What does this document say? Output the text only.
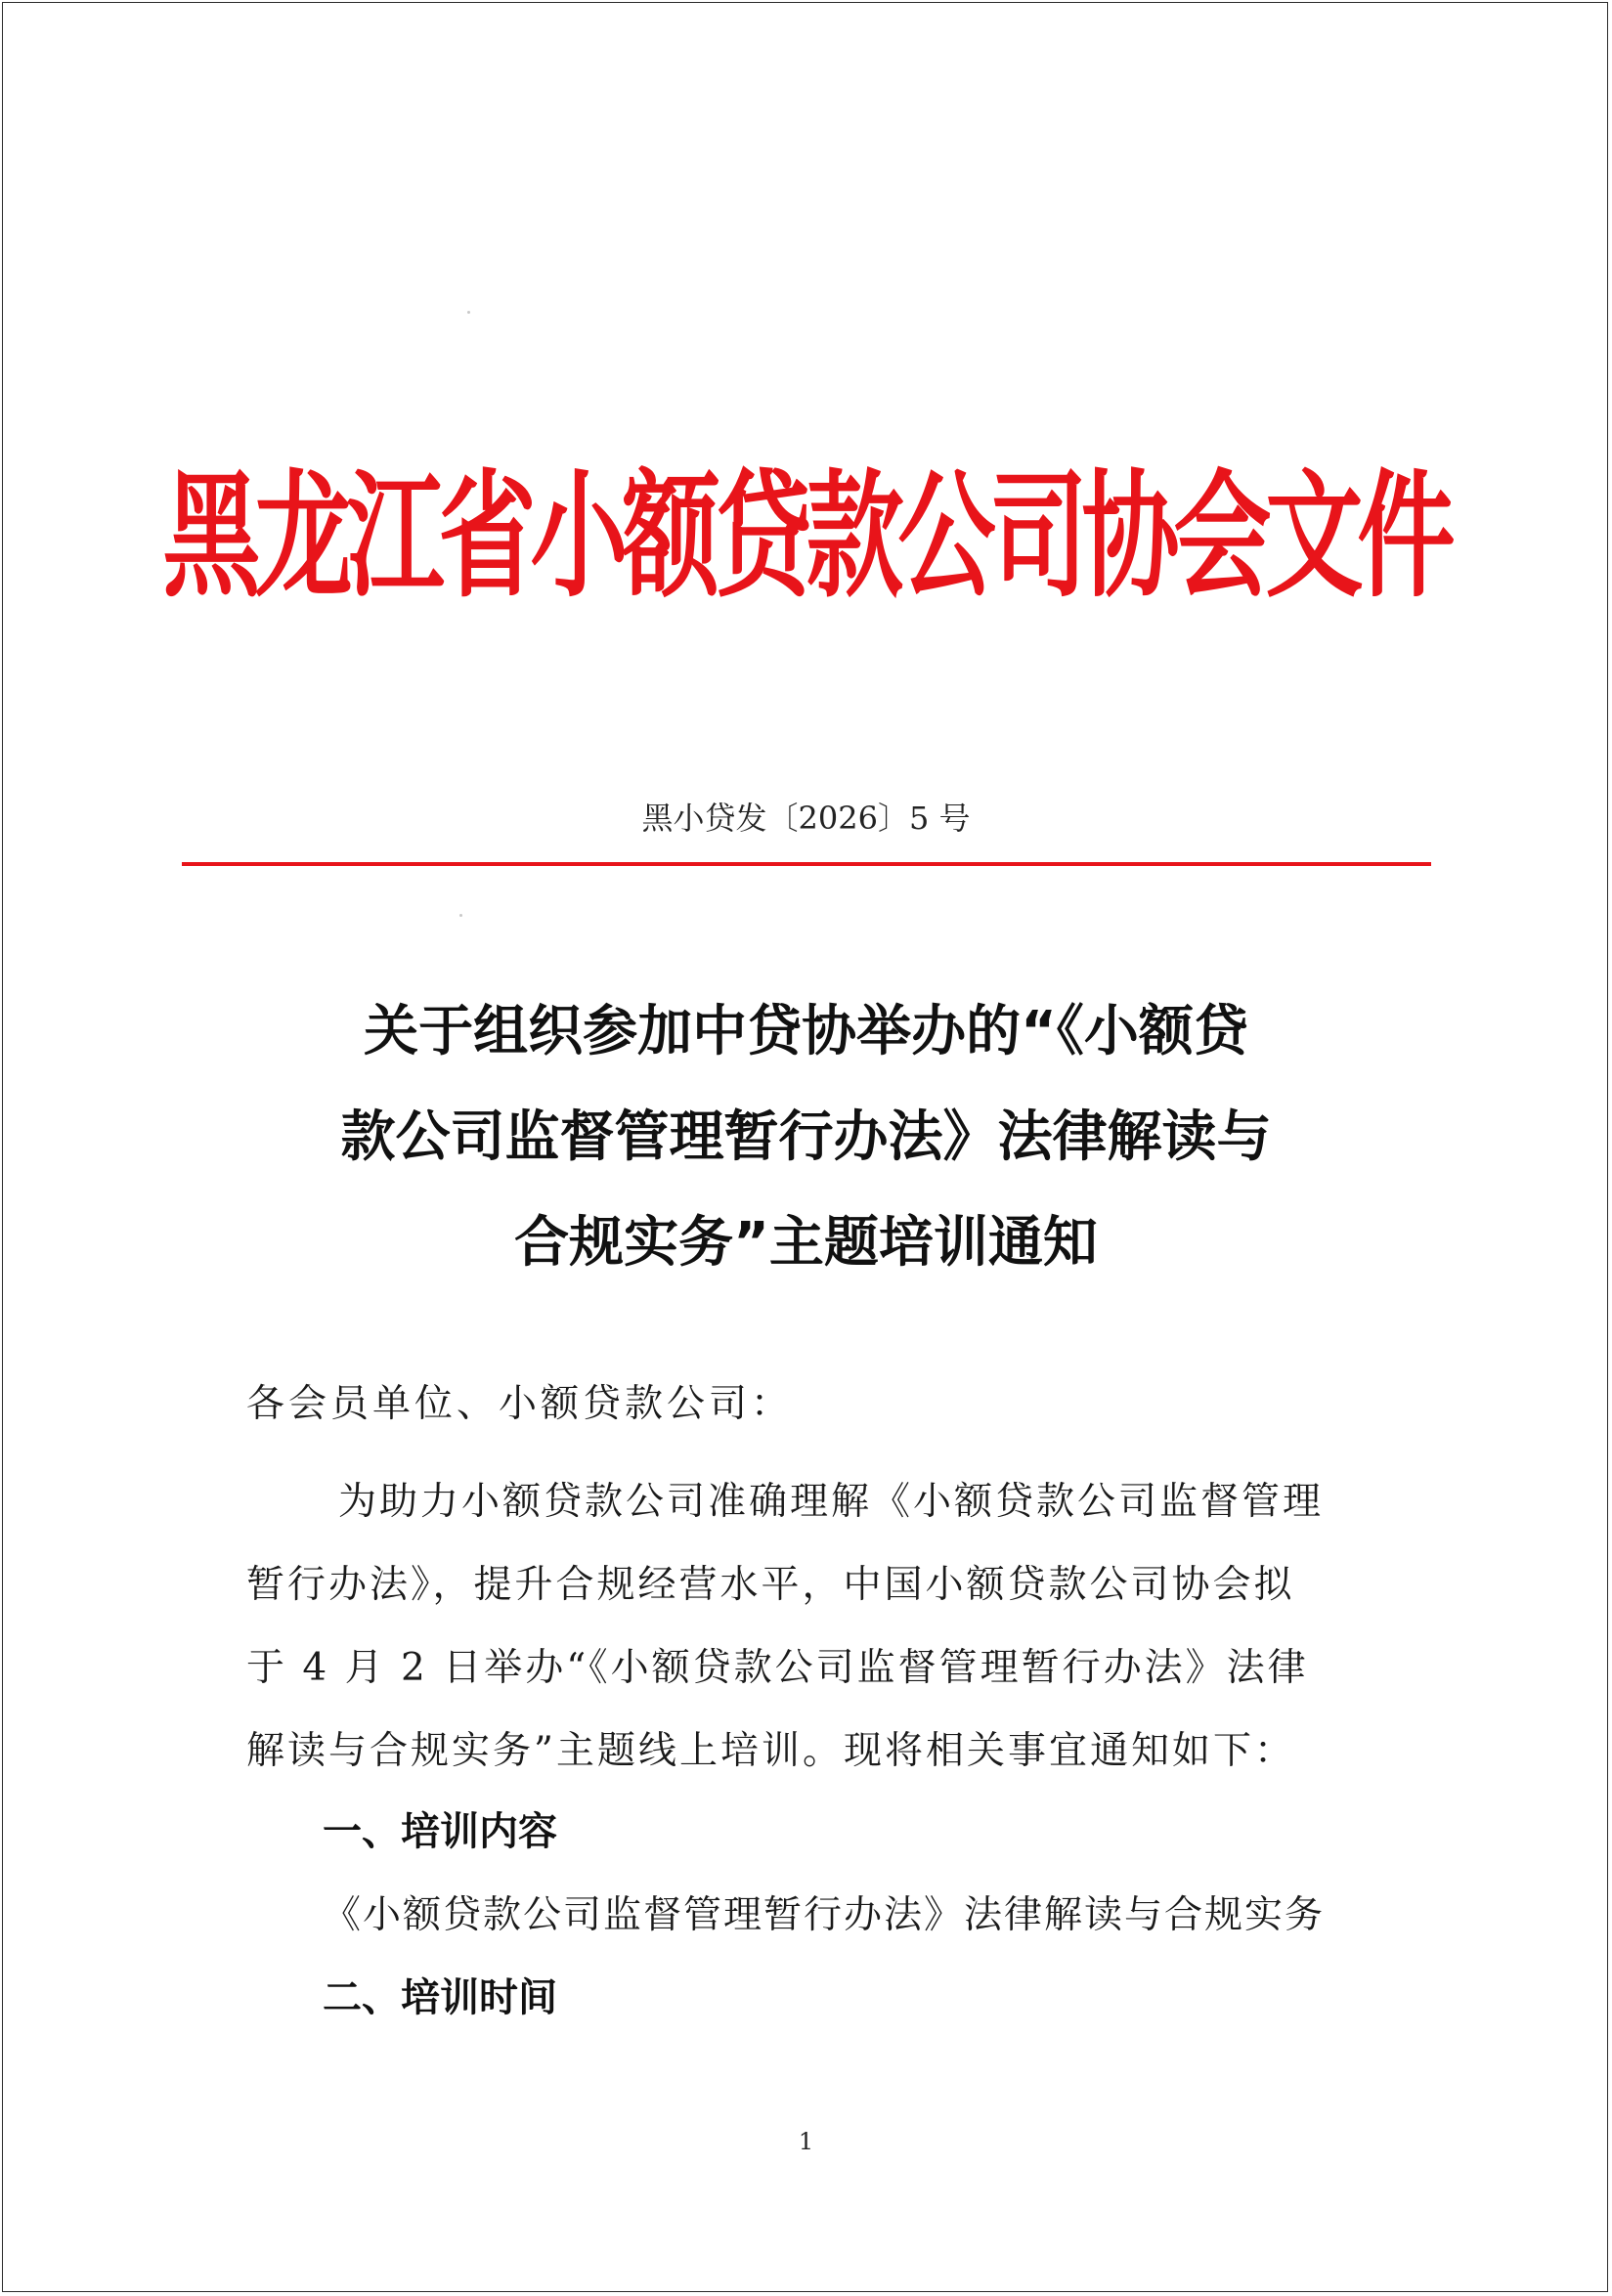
黑龙江省小额贷款公司协会文件
黑小贷发〔2026〕5 号
关于组织参加中贷协举办的“《小额贷
款公司监督管理暂行办法》法律解读与
合规实务”主题培训通知
各会员单位、小额贷款公司：
为助力小额贷款公司准确理解《小额贷款公司监督管理
暂行办法》，提升合规经营水平，中国小额贷款公司协会拟
于 4 月 2 日举办“《小额贷款公司监督管理暂行办法》法律
解读与合规实务”主题线上培训。现将相关事宜通知如下：
一、培训内容
《小额贷款公司监督管理暂行办法》法律解读与合规实务
二、培训时间
1
